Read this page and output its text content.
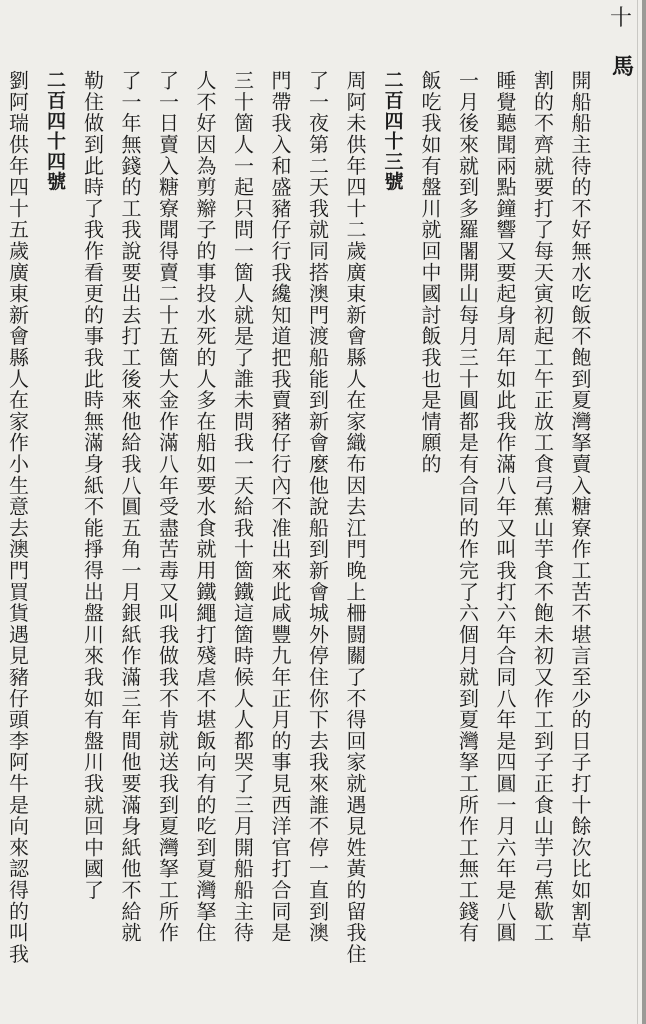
十
馬
開船船主待的不好無水吃飯不飽到夏灣拏賣入糖寮作工苦不堪言至少的日子打十餘次比如割草
割的不齊就要打了每天寅初起工午正放工食弓蕉山芋食不飽未初又作工到子正食山芋弓蕉歇工
睡覺聽聞兩點鐘響又要起身周年如此我作滿八年又叫我打六年合同八年是四圓一月六年是八圓
一月後來就到多羅闍開山每月三十圓都是有合同的作完了六個月就到夏灣拏工所作工無工錢有
飯吃我如有盤川就回中國討飯我也是情願的
二百四十三號
周阿未供年四十二歲廣東新會縣人在家織布因去江門晚上柵闘關了不得回家就遇見姓黃的留我住
了一夜第二天我就同搭澳門渡船能到新會麼他說船到新會城外停住你下去我來誰不停一直到澳
門帶我入和盛豬仔行我纔知道把我賣豬仔行內不准出來此咸豐九年正月的事見西洋官打合同是
三十箇人一起只問一箇人就是了誰未問我一天給我十箇鐵這箇時候人人都哭了三月開船船主待
人不好因為剪辮子的事投水死的人多在船如要水食就用鐵繩打殘虐不堪飯向有的吃到夏灣拏住
了一日賣入糖寮聞得賣二十五箇大金作滿八年受盡苦毒又叫我做我不肯就送我到夏灣拏工所作
了一年無錢的工我說要出去打工後來他給我八圓五角一月銀紙作滿三年間他要滿身紙他不給就
勒住做到此時了我作看更的事我此時無滿身紙不能掙得出盤川來我如有盤川我就回中國了
二百四十四號
劉阿瑞供年四十五歲廣東新會縣人在家作小生意去澳門買貨遇見豬仔頭李阿牛是向來認得的叫我
